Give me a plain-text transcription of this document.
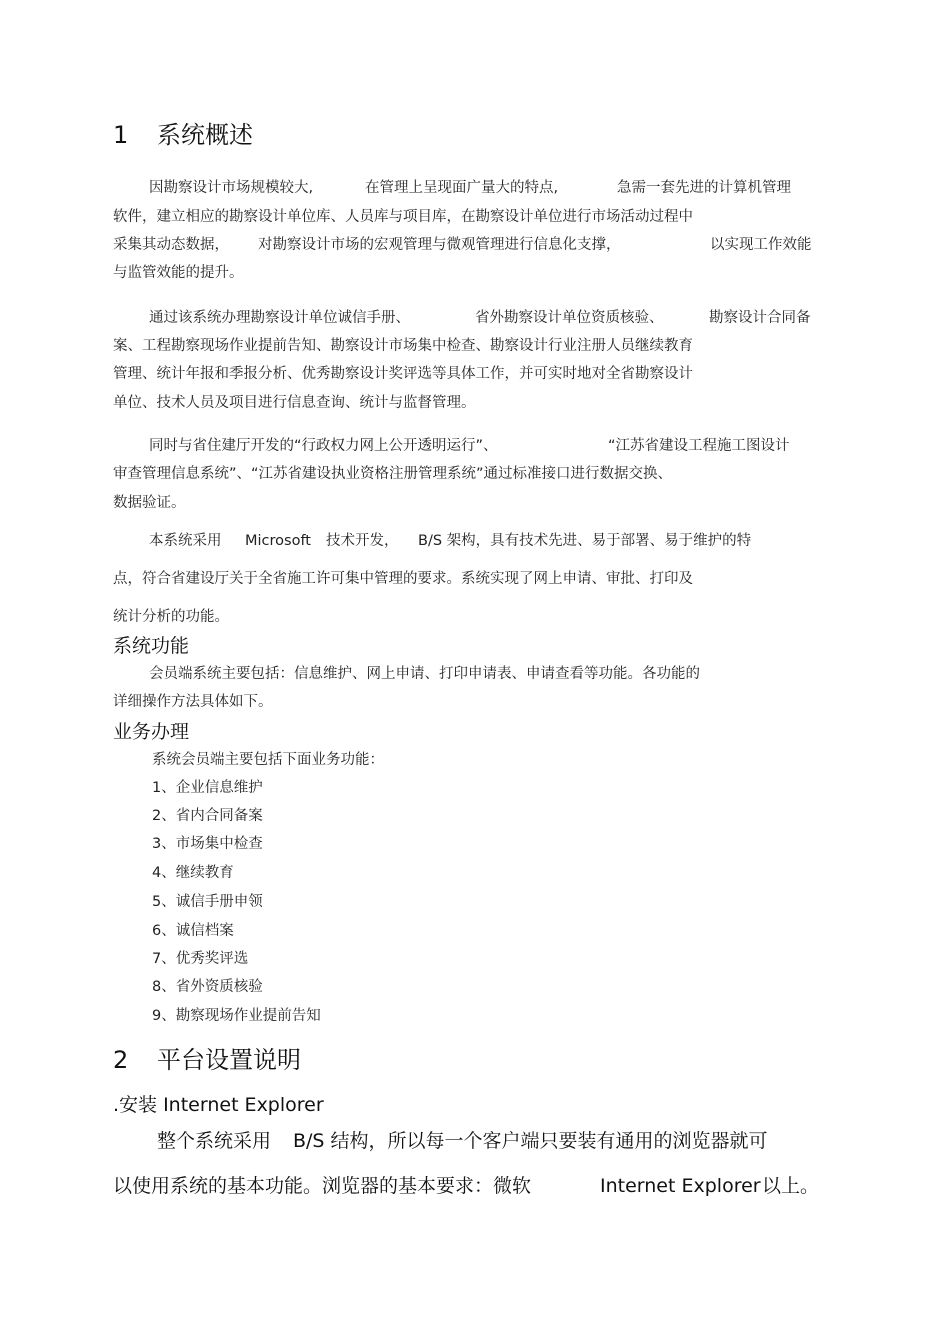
1 系统概述
因勘察设计市场规模较大,	在管理上呈现面广量大的特点,	急需一套先进的计算机管理
软件，建立相应的勘察设计单位库、人员库与项目库，在勘察设计单位进行市场活动过程中
采集其动态数据， 对勘察设计市场的宏观管理与微观管理进行信息化支撑，	以实现工作效能
与监管效能的提升。
通过该系统办理勘察设计单位诚信手册、	省外勘察设计单位资质核验、	勘察设计合同备
案、工程勘察现场作业提前告知、勘察设计市场集中检查、勘察设计行业注册人员继续教育
管理、统计年报和季报分析、优秀勘察设计奖评选等具体工作，并可实时地对全省勘察设计
单位、技术人员及项目进行信息查询、统计与监督管理。
同时与省住建厅开发的“行政权力网上公开透明运行”、	“江苏省建设工程施工图设计
审查管理信息系统”、“江苏省建设执业资格注册管理系统”通过标准接口进行数据交换、
数据验证。
本系统采用 Microsoft 技术开发， B/S 架构，具有技术先进、易于部署、易于维护的特
点，符合省建设厅关于全省施工许可集中管理的要求。系统实现了网上申请、审批、打印及
统计分析的功能。
系统功能
会员端系统主要包括：信息维护、网上申请、打印申请表、申请查看等功能。各功能的
详细操作方法具体如下。
业务办理
系统会员端主要包括下面业务功能：
1、企业信息维护
2、省内合同备案
3、市场集中检查
4、继续教育
5、诚信手册申领
6、诚信档案
7、优秀奖评选
8、省外资质核验
9、勘察现场作业提前告知
2 平台设置说明
.安装 Internet Explorer
整个系统采用 B/S 结构，所以每一个客户端只要装有通用的浏览器就可
以使用系统的基本功能。浏览器的基本要求：微软	Internet Explorer 以上。
